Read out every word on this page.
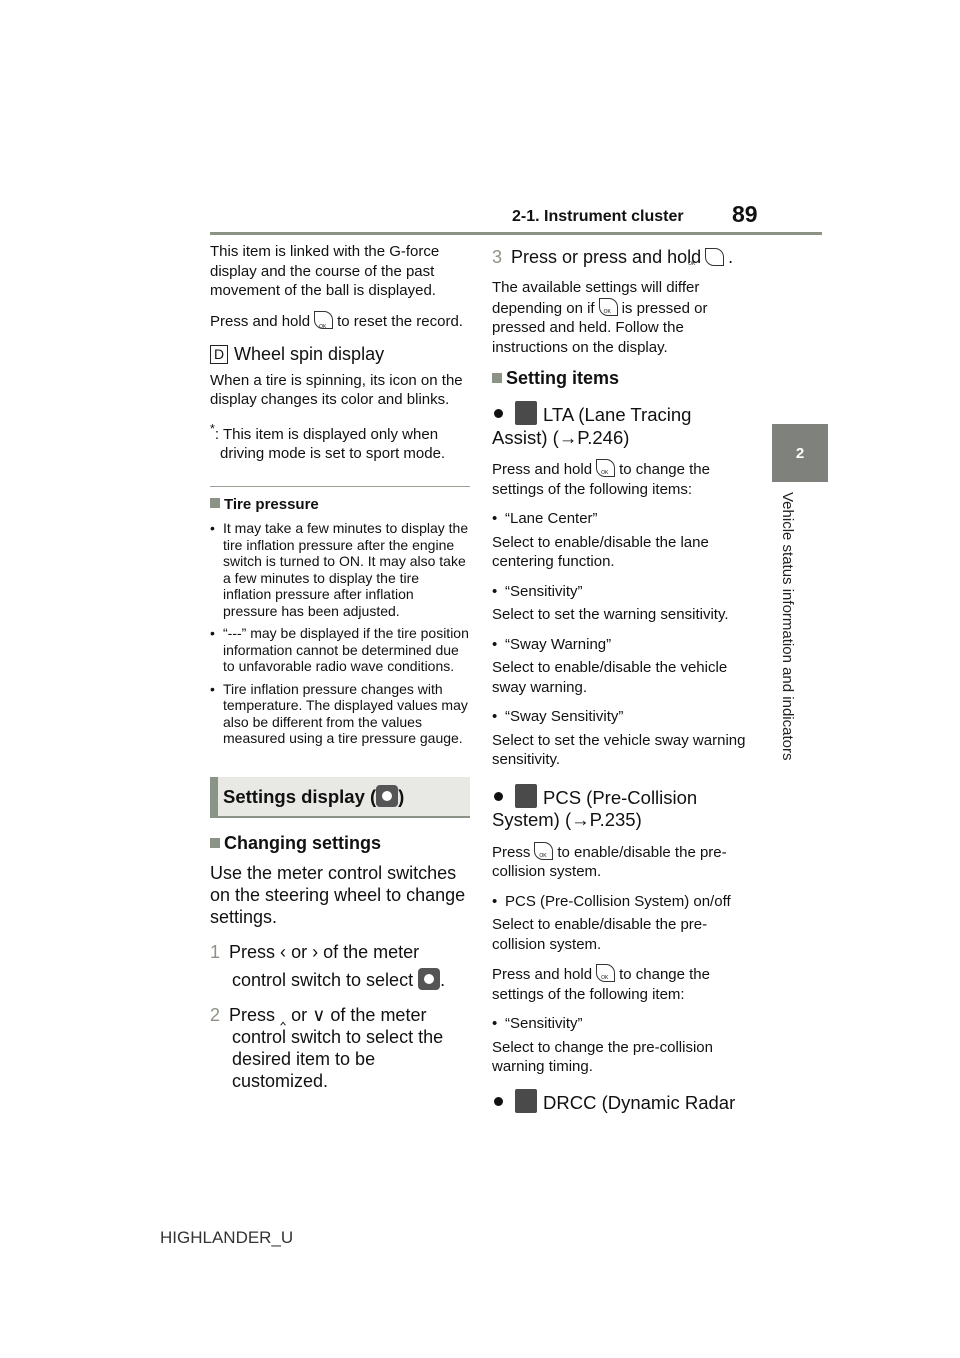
2-1. Instrument cluster 89
2
Vehicle status information and indicators

This item is linked with the G-force display and the course of the past movement of the ball is displayed.

Press and hold OK to reset the record.

D Wheel spin display

When a tire is spinning, its icon on the display changes its color and blinks.

*: This item is displayed only when driving mode is set to sport mode.

Tire pressure
• It may take a few minutes to display the tire inflation pressure after the engine switch is turned to ON. It may also take a few minutes to display the tire inflation pressure after inflation pressure has been adjusted.
• “---” may be displayed if the tire position information cannot be determined due to unfavorable radio wave conditions.
• Tire inflation pressure changes with temperature. The displayed values may also be different from the values measured using a tire pressure gauge.
Settings display ( )
Changing settings

Use the meter control switches on the steering wheel to change settings.

1 Press ‹ or › of the meter control switch to select .

2 Press ‸ or ∨ of the meter control switch to select the desired item to be customized.

3 Press or press and holdOK .

The available settings will differ depending on if OK is pressed or pressed and held. Follow the instructions on the display.

Setting items
LTA (Lane Tracing Assist) (→P.246)

Press and hold OK to change the settings of the following items:

• “Lane Center”

Select to enable/disable the lane centering function.

• “Sensitivity”

Select to set the warning sensitivity.

• “Sway Warning”

Select to enable/disable the vehicle sway warning.

• “Sway Sensitivity”

Select to set the vehicle sway warning sensitivity.

PCS (Pre-Collision System) (→P.235)

Press OK to enable/disable the pre-collision system.

• PCS (Pre-Collision System) on/off

Select to enable/disable the pre-collision system.

Press and hold OK to change the settings of the following item:

• “Sensitivity”

Select to change the pre-collision warning timing.

DRCC (Dynamic Radar
HIGHLANDER_U
